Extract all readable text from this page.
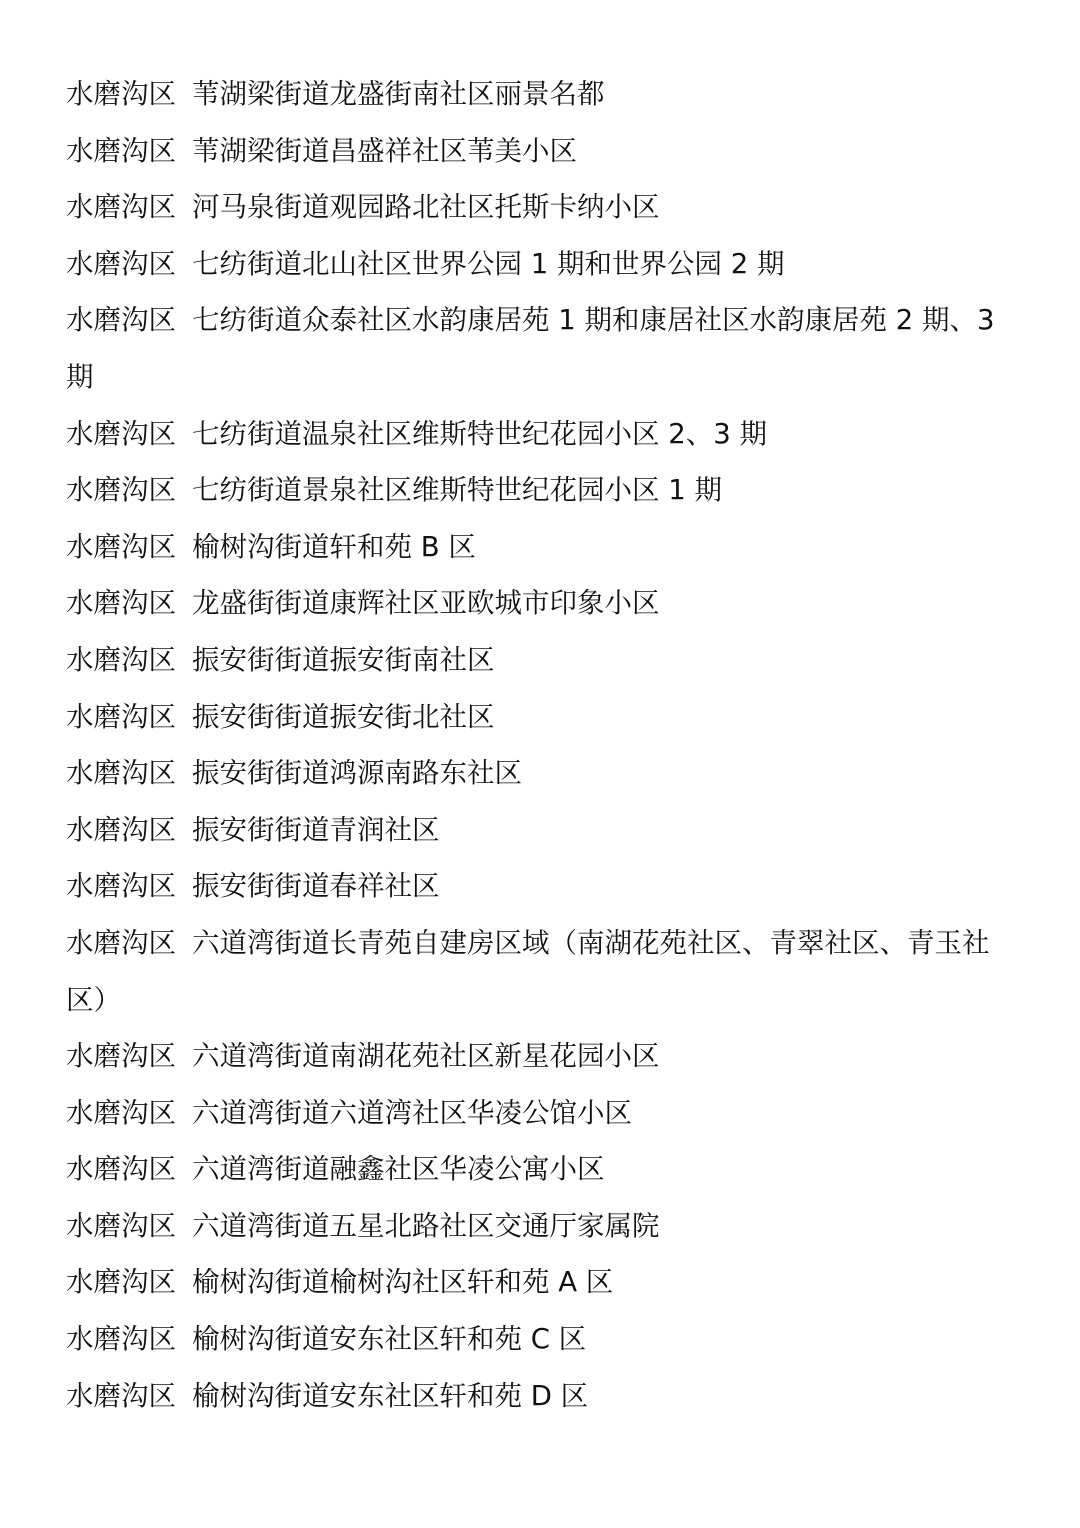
水磨沟区 苇湖梁街道龙盛街南社区丽景名都

水磨沟区 苇湖梁街道昌盛祥社区苇美小区

水磨沟区 河马泉街道观园路北社区托斯卡纳小区

水磨沟区 七纺街道北山社区世界公园 1 期和世界公园 2 期

水磨沟区 七纺街道众泰社区水韵康居苑 1 期和康居社区水韵康居苑 2 期、3 期

水磨沟区 七纺街道温泉社区维斯特世纪花园小区 2、3 期

水磨沟区 七纺街道景泉社区维斯特世纪花园小区 1 期

水磨沟区 榆树沟街道轩和苑 B 区

水磨沟区 龙盛街街道康辉社区亚欧城市印象小区

水磨沟区 振安街街道振安街南社区

水磨沟区 振安街街道振安街北社区

水磨沟区 振安街街道鸿源南路东社区

水磨沟区 振安街街道青润社区

水磨沟区 振安街街道春祥社区

水磨沟区 六道湾街道长青苑自建房区域（南湖花苑社区、青翠社区、青玉社区）

水磨沟区 六道湾街道南湖花苑社区新星花园小区

水磨沟区 六道湾街道六道湾社区华凌公馆小区

水磨沟区 六道湾街道融鑫社区华凌公寓小区

水磨沟区 六道湾街道五星北路社区交通厅家属院

水磨沟区 榆树沟街道榆树沟社区轩和苑 A 区

水磨沟区 榆树沟街道安东社区轩和苑 C 区

水磨沟区 榆树沟街道安东社区轩和苑 D 区
